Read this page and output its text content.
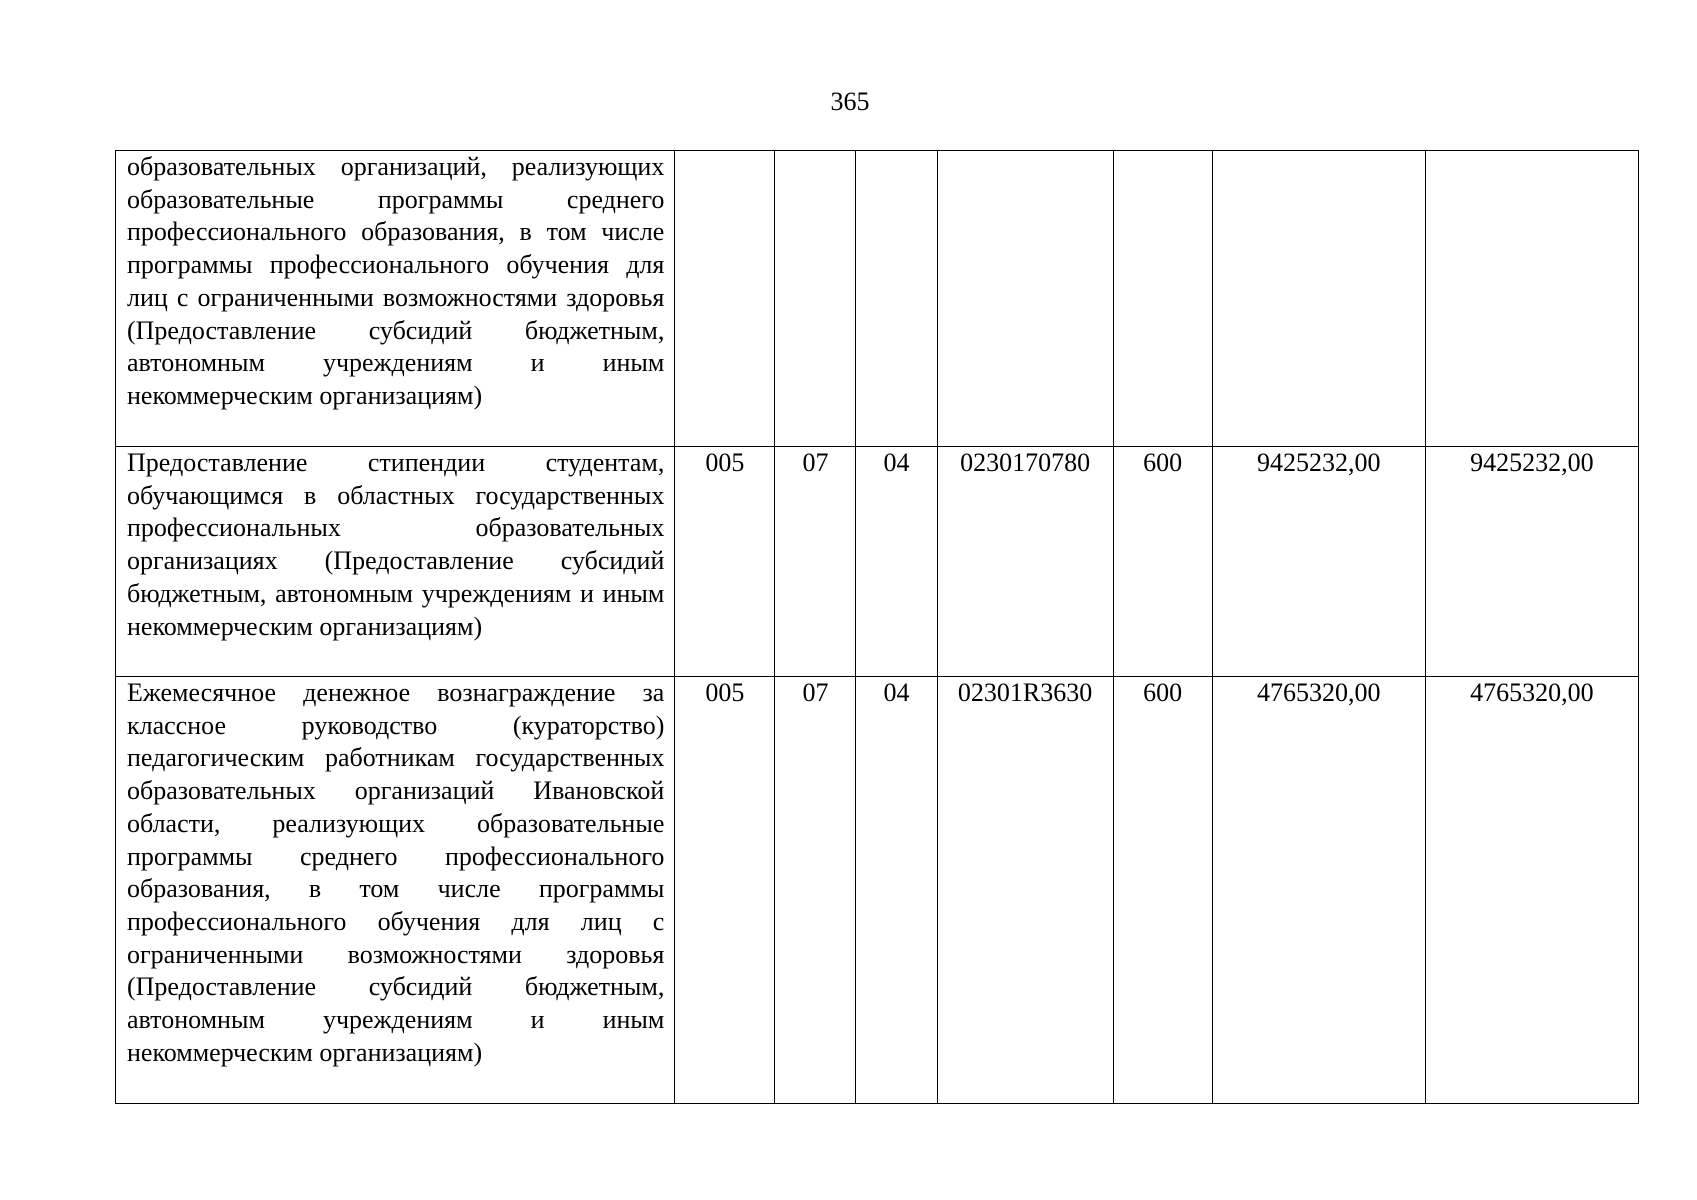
365
образовательных организаций, реализующих образовательные программы среднего профессионального образования, в том числе программы профессионального обучения для лиц с ограниченными возможностями здоровья (Предоставление субсидий бюджетным, автономным учреждениям и иным некоммерческим организациям)							
Предоставление стипендии студентам, обучающимся в областных государственных профессиональных образовательных организациях (Предоставление субсидий бюджетным, автономным учреждениям и иным некоммерческим организациям)	005	07	04	0230170780	600	9425232,00	9425232,00
Ежемесячное денежное вознаграждение за классное руководство (кураторство) педагогическим работникам государственных образовательных организаций Ивановской области, реализующих образовательные программы среднего профессионального образования, в том числе программы профессионального обучения для лиц с ограниченными возможностями здоровья (Предоставление субсидий бюджетным, автономным учреждениям и иным некоммерческим организациям)	005	07	04	02301R3630	600	4765320,00	4765320,00
